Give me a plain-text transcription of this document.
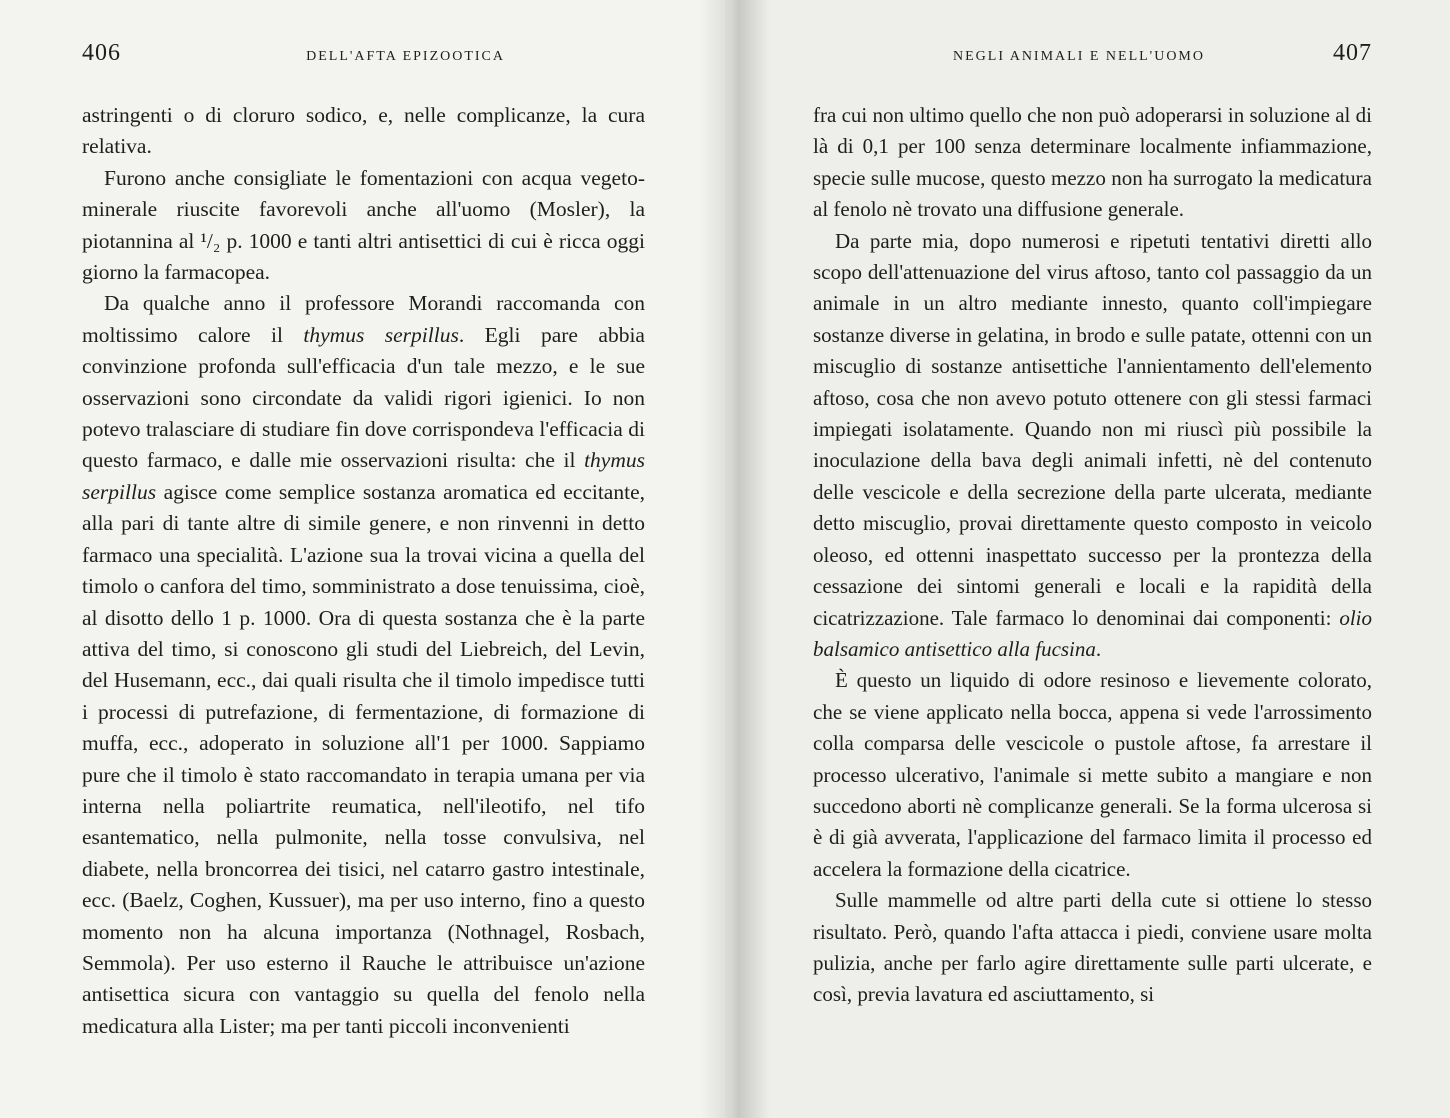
406	DELL'AFTA EPIZOOTICA

astringenti o di cloruro sodico, e, nelle complicanze, la cura relativa.

Furono anche consigliate le fomentazioni con acqua vegeto-minerale riuscite favorevoli anche all'uomo (Mosler), la piotannina al ¹/₂ p. 1000 e tanti altri antisettici di cui è ricca oggi giorno la farmacopea.

Da qualche anno il professore Morandi raccomanda con moltissimo calore il thymus serpillus. Egli pare abbia convinzione profonda sull'efficacia d'un tale mezzo, e le sue osservazioni sono circondate da validi rigori igienici. Io non potevo tralasciare di studiare fin dove corrispondeva l'efficacia di questo farmaco, e dalle mie osservazioni risulta: che il thymus serpillus agisce come semplice sostanza aromatica ed eccitante, alla pari di tante altre di simile genere, e non rinvenni in detto farmaco una specialità. L'azione sua la trovai vicina a quella del timolo o canfora del timo, somministrato a dose tenuissima, cioè, al disotto dello 1 p. 1000. Ora di questa sostanza che è la parte attiva del timo, si conoscono gli studi del Liebreich, del Levin, del Husemann, ecc., dai quali risulta che il timolo impedisce tutti i processi di putrefazione, di fermentazione, di formazione di muffa, ecc., adoperato in soluzione all'1 per 1000. Sappiamo pure che il timolo è stato raccomandato in terapia umana per via interna nella poliartrite reumatica, nell'ileotifo, nel tifo esantematico, nella pulmonite, nella tosse convulsiva, nel diabete, nella broncorrea dei tisici, nel catarro gastro intestinale, ecc. (Baelz, Coghen, Kussuer), ma per uso interno, fino a questo momento non ha alcuna importanza (Nothnagel, Rosbach, Semmola). Per uso esterno il Rauche le attribuisce un'azione antisettica sicura con vantaggio su quella del fenolo nella medicatura alla Lister; ma per tanti piccoli inconvenienti

NEGLI ANIMALI E NELL'UOMO	407

fra cui non ultimo quello che non può adoperarsi in soluzione al di là di 0,1 per 100 senza determinare localmente infiammazione, specie sulle mucose, questo mezzo non ha surrogato la medicatura al fenolo nè trovato una diffusione generale.

Da parte mia, dopo numerosi e ripetuti tentativi diretti allo scopo dell'attenuazione del virus aftoso, tanto col passaggio da un animale in un altro mediante innesto, quanto coll'impiegare sostanze diverse in gelatina, in brodo e sulle patate, ottenni con un miscuglio di sostanze antisettiche l'annientamento dell'elemento aftoso, cosa che non avevo potuto ottenere con gli stessi farmaci impiegati isolatamente. Quando non mi riuscì più possibile la inoculazione della bava degli animali infetti, nè del contenuto delle vescicole e della secrezione della parte ulcerata, mediante detto miscuglio, provai direttamente questo composto in veicolo oleoso, ed ottenni inaspettato successo per la prontezza della cessazione dei sintomi generali e locali e la rapidità della cicatrizzazione. Tale farmaco lo denominai dai componenti: olio balsamico antisettico alla fucsina.

È questo un liquido di odore resinoso e lievemente colorato, che se viene applicato nella bocca, appena si vede l'arrossimento colla comparsa delle vescicole o pustole aftose, fa arrestare il processo ulcerativo, l'animale si mette subito a mangiare e non succedono aborti nè complicanze generali. Se la forma ulcerosa si è di già avverata, l'applicazione del farmaco limita il processo ed accelera la formazione della cicatrice.

Sulle mammelle od altre parti della cute si ottiene lo stesso risultato. Però, quando l'afta attacca i piedi, conviene usare molta pulizia, anche per farlo agire direttamente sulle parti ulcerate, e così, previa lavatura ed asciuttamento, si
